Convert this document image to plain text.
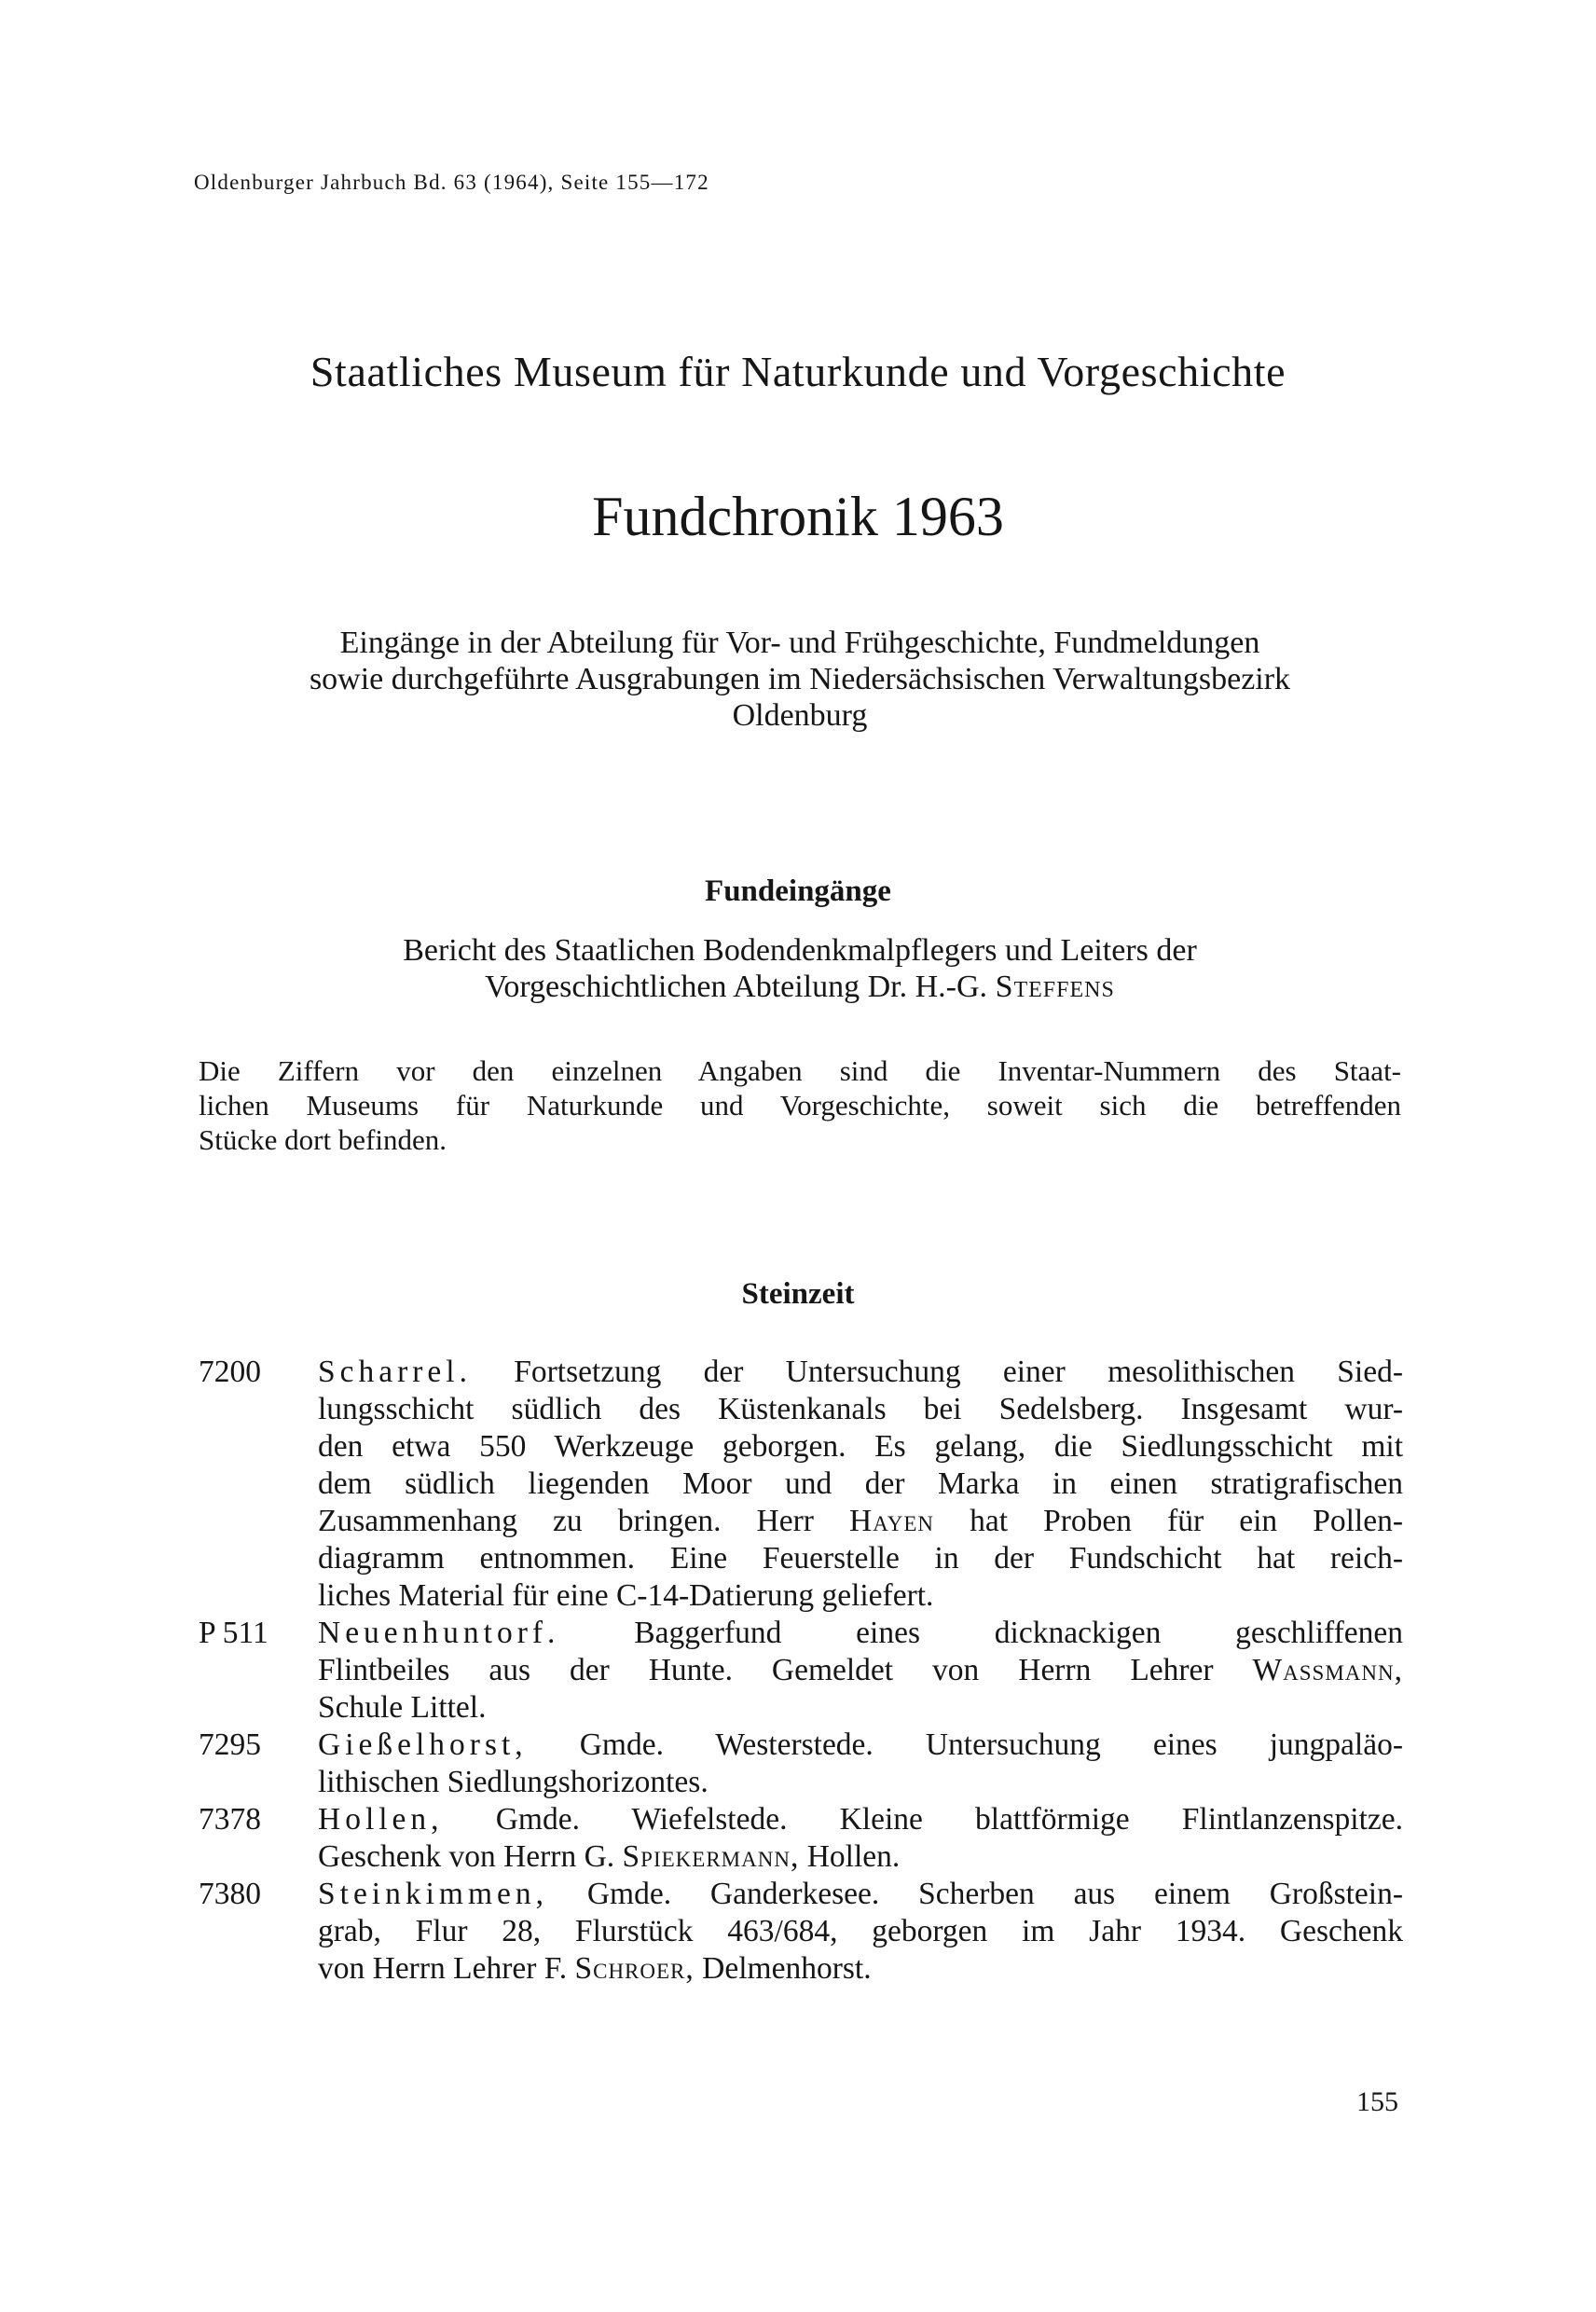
Oldenburger Jahrbuch Bd. 63 (1964), Seite 155—172
Staatliches Museum für Naturkunde und Vorgeschichte
Fundchronik 1963
Eingänge in der Abteilung für Vor- und Frühgeschichte, Fundmeldungen
sowie durchgeführte Ausgrabungen im Niedersächsischen Verwaltungsbezirk
Oldenburg
Fundeingänge
Bericht des Staatlichen Bodendenkmalpflegers und Leiters der
Vorgeschichtlichen Abteilung Dr. H.-G. Steffens
Die Ziffern vor den einzelnen Angaben sind die Inventar-Nummern des Staat-
lichen Museums für Naturkunde und Vorgeschichte, soweit sich die betreffenden
Stücke dort befinden.
Steinzeit
7200 Scharrel. Fortsetzung der Untersuchung einer mesolithischen Sied-
lungsschicht südlich des Küstenkanals bei Sedelsberg. Insgesamt wur-
den etwa 550 Werkzeuge geborgen. Es gelang, die Siedlungsschicht mit
dem südlich liegenden Moor und der Marka in einen stratigrafischen
Zusammenhang zu bringen. Herr Hayen hat Proben für ein Pollen-
diagramm entnommen. Eine Feuerstelle in der Fundschicht hat reich-
liches Material für eine C-14-Datierung geliefert.
P 511 Neuenhuntorf. Baggerfund eines dicknackigen geschliffenen
Flintbeiles aus der Hunte. Gemeldet von Herrn Lehrer Wassmann,
Schule Littel.
7295 Gießelhorst, Gmde. Westerstede. Untersuchung eines jungpaläo-
lithischen Siedlungshorizontes.
7378 Hollen, Gmde. Wiefelstede. Kleine blattförmige Flintlanzenspitze.
Geschenk von Herrn G. Spiekermann, Hollen.
7380 Steinkimmen, Gmde. Ganderkesee. Scherben aus einem Großstein-
grab, Flur 28, Flurstück 463/684, geborgen im Jahr 1934. Geschenk
von Herrn Lehrer F. Schroer, Delmenhorst.
155
